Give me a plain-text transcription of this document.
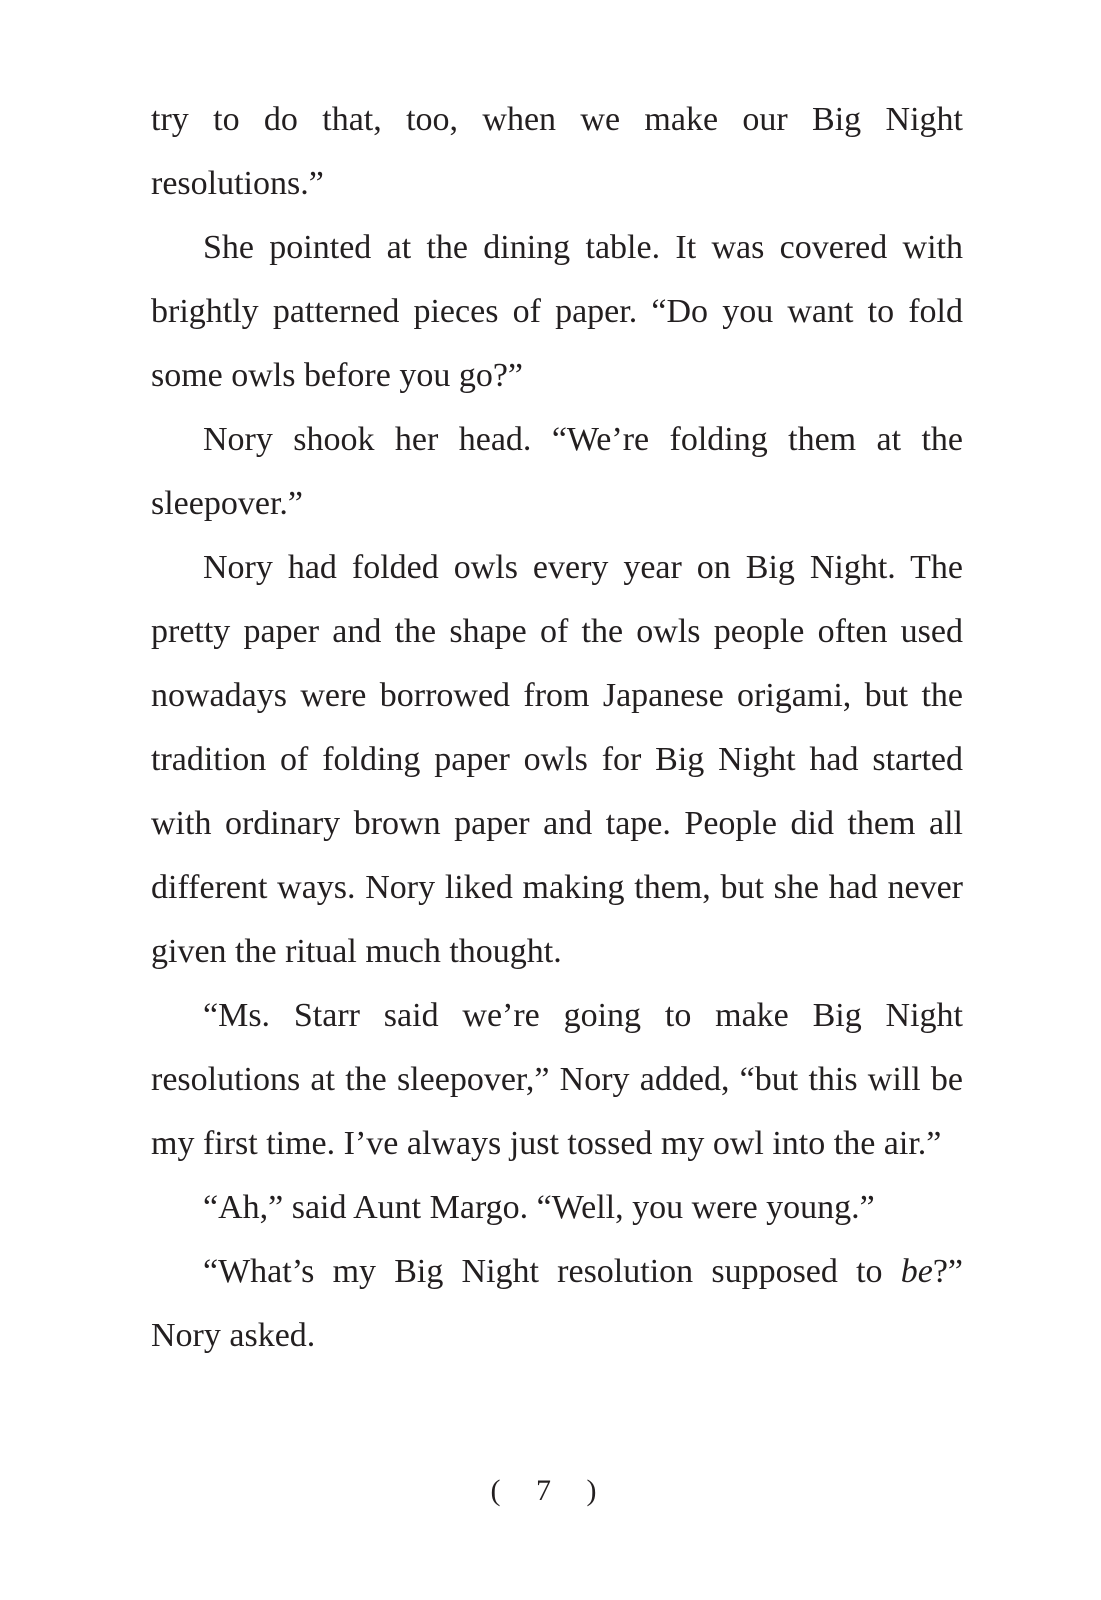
try to do that, too, when we make our Big Night resolutions.”

She pointed at the dining table. It was covered with brightly patterned pieces of paper. “Do you want to fold some owls before you go?”

Nory shook her head. “We’re folding them at the sleepover.”

Nory had folded owls every year on Big Night. The pretty paper and the shape of the owls people often used nowadays were borrowed from Japanese origami, but the tradition of folding paper owls for Big Night had started with ordinary brown paper and tape. People did them all different ways. Nory liked making them, but she had never given the ritual much thought.

“Ms. Starr said we’re going to make Big Night resolutions at the sleepover,” Nory added, “but this will be my first time. I’ve always just tossed my owl into the air.”

“Ah,” said Aunt Margo. “Well, you were young.”

“What’s my Big Night resolution supposed to be?” Nory asked.

( 7 )
